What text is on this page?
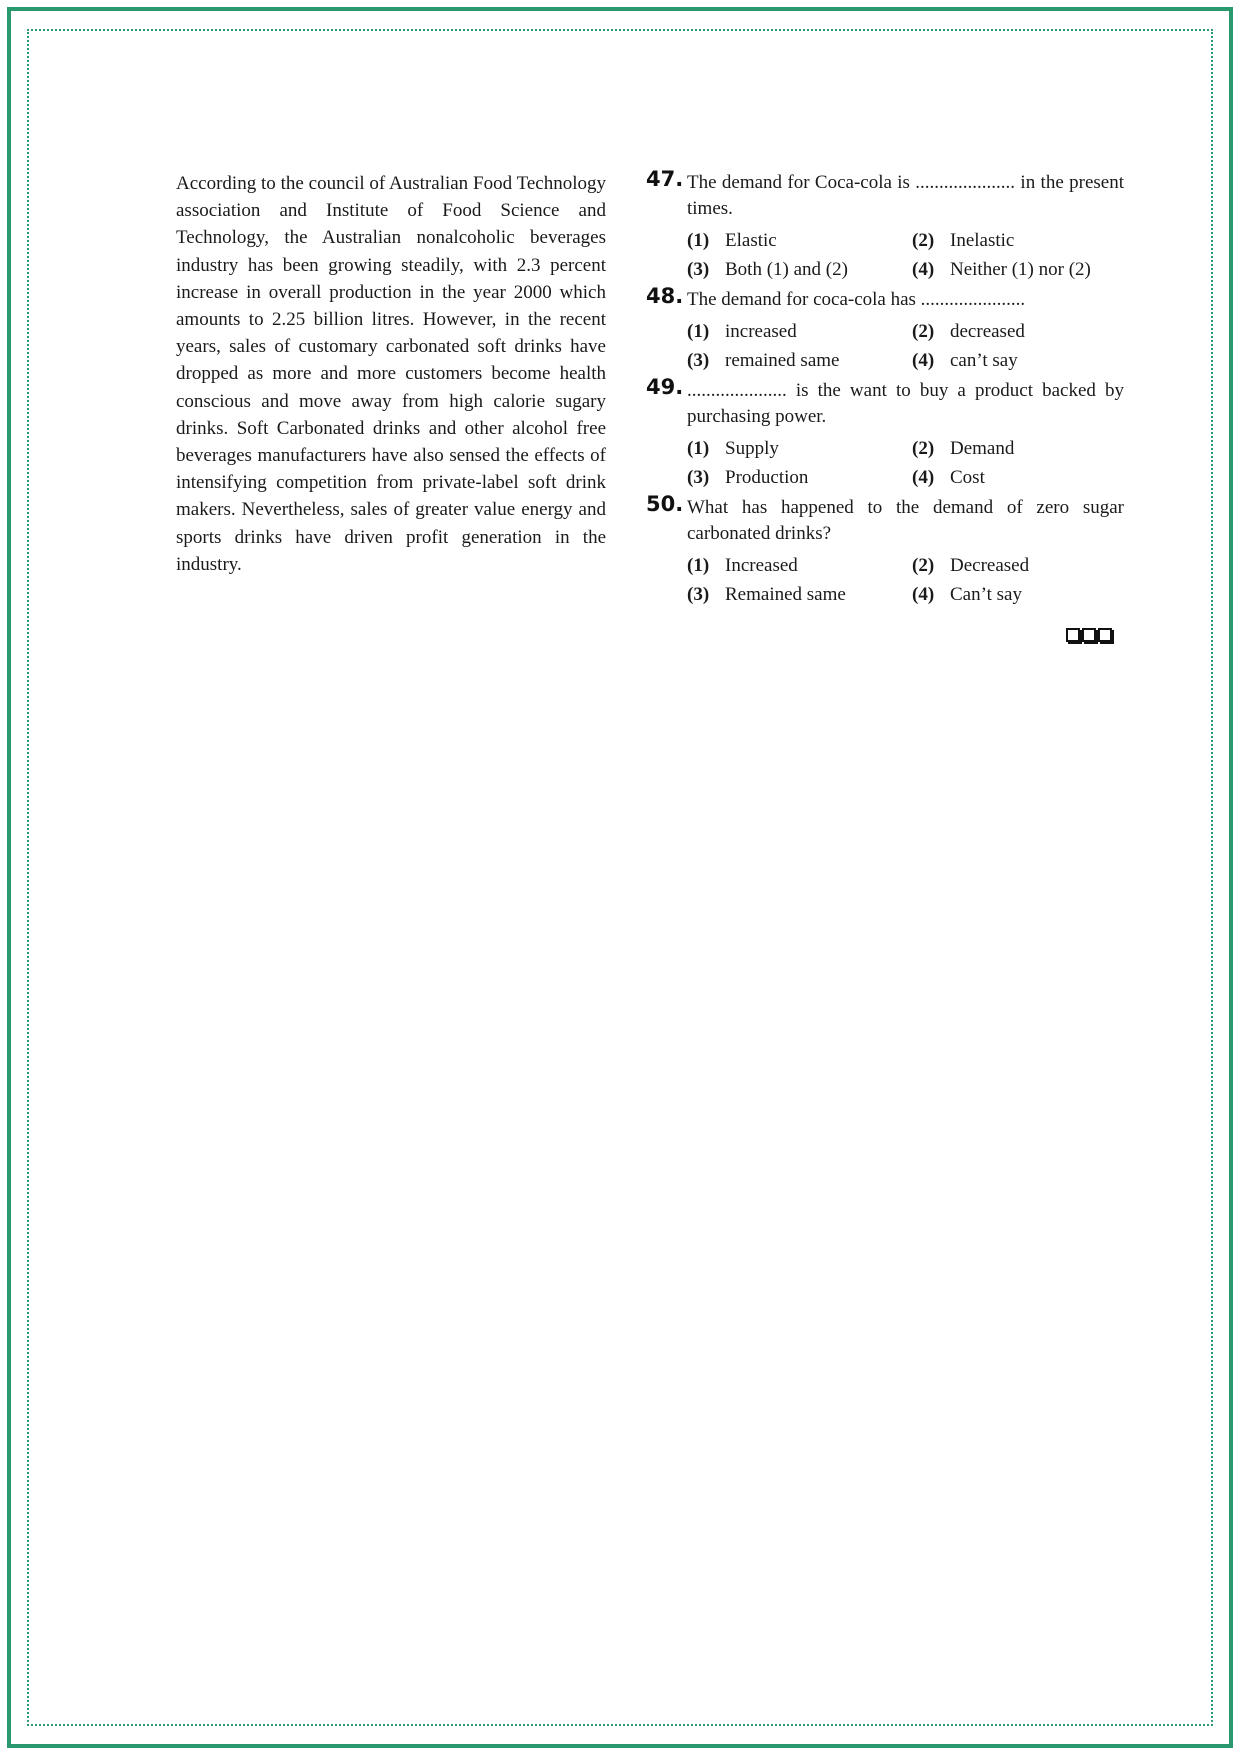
According to the council of Australian Food Technology association and Institute of Food Science and Technology, the Australian nonalcoholic beverages industry has been growing steadily, with 2.3 percent increase in overall production in the year 2000 which amounts to 2.25 billion litres. However, in the recent years, sales of customary carbonated soft drinks have dropped as more and more customers become health conscious and move away from high calorie sugary drinks. Soft Carbonated drinks and other alcohol free beverages manufacturers have also sensed the effects of intensifying competition from private-label soft drink makers. Nevertheless, sales of greater value energy and sports drinks have driven profit generation in the industry.
47. The demand for Coca-cola is ..................... in the present times.
(1) Elastic	(2) Inelastic
(3) Both (1) and (2)	(4) Neither (1) nor (2)
48. The demand for coca-cola has ......................
(1) increased	(2) decreased
(3) remained same	(4) can’t say
49. ..................... is the want to buy a product backed by purchasing power.
(1) Supply	(2) Demand
(3) Production	(4) Cost
50. What has happened to the demand of zero sugar carbonated drinks?
(1) Increased	(2) Decreased
(3) Remained same	(4) Can’t say
